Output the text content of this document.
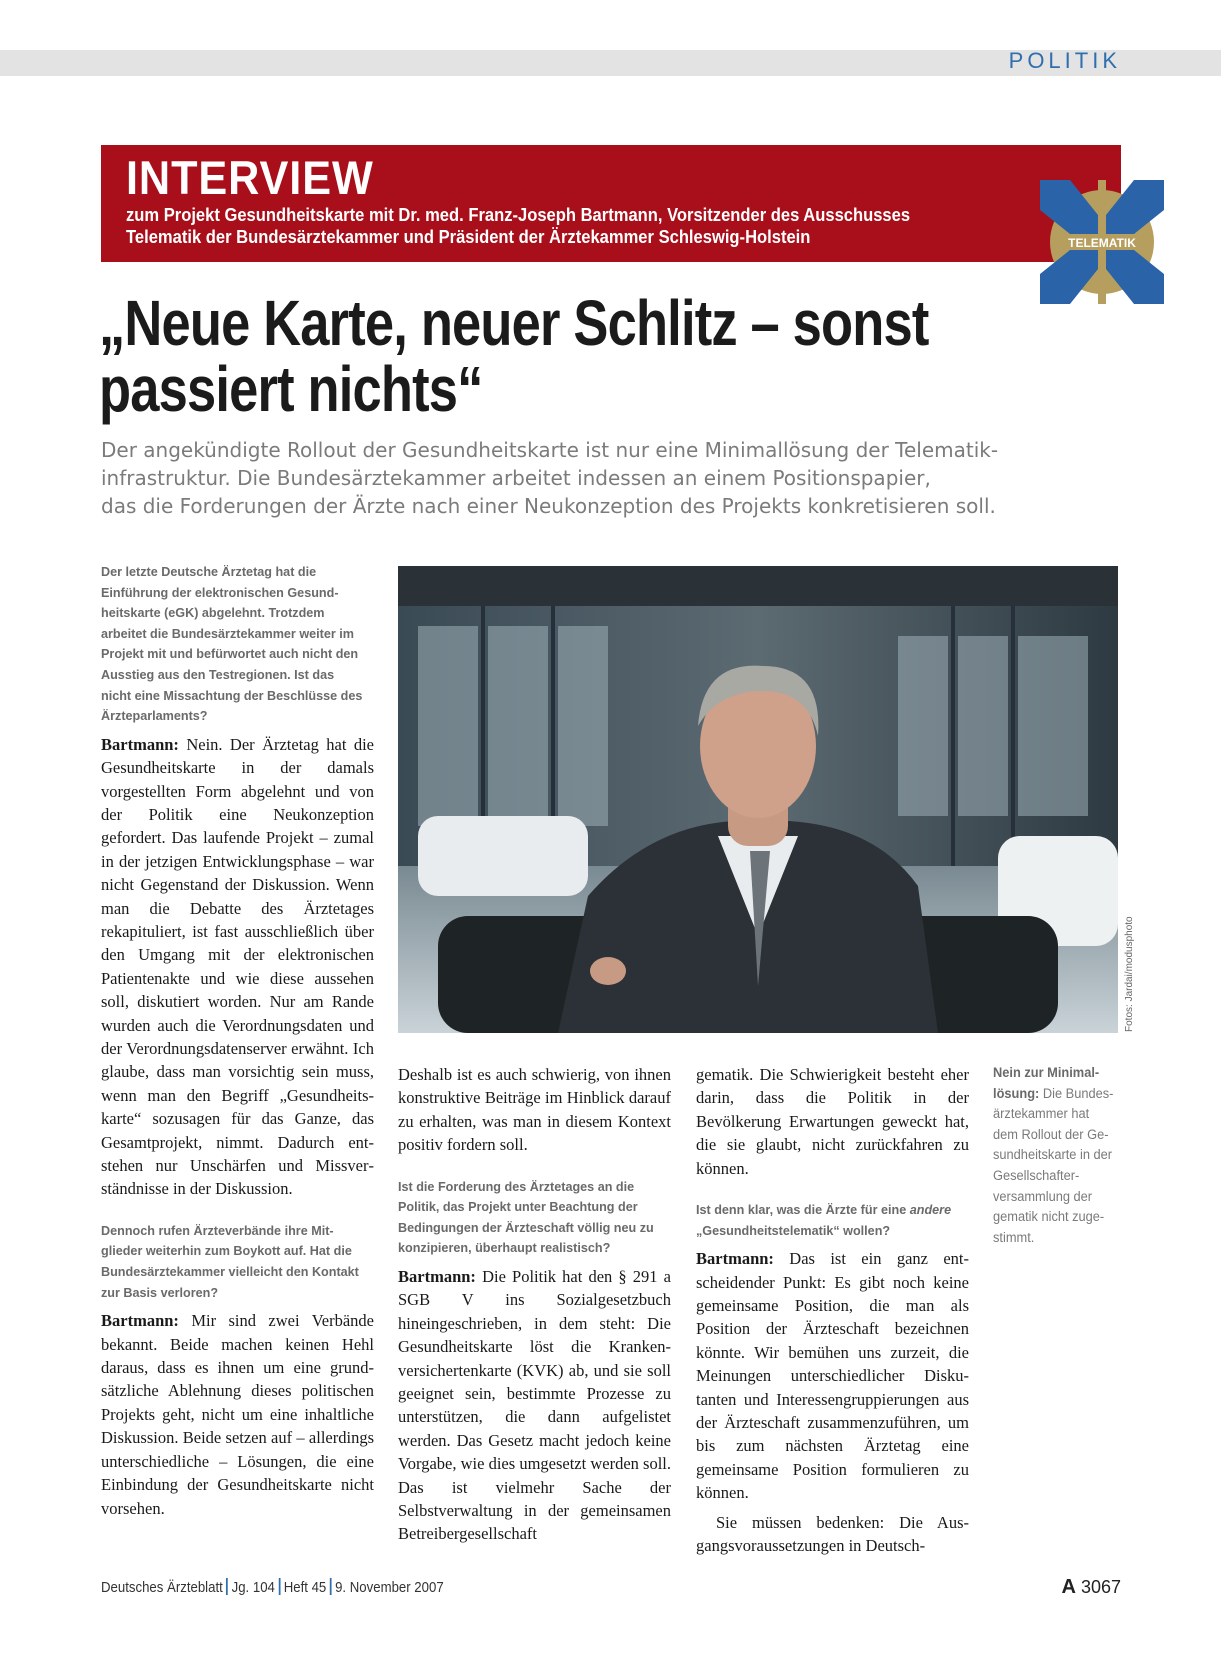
POLITIK
INTERVIEW
zum Projekt Gesundheitskarte mit Dr. med. Franz-Joseph Bartmann, Vorsitzender des Ausschusses
Telematik der Bundesärztekammer und Präsident der Ärztekammer Schleswig-Holstein	TELEMATIK
„Neue Karte, neuer Schlitz – sonst
passiert nichts“
Der angekündigte Rollout der Gesundheitskarte ist nur eine Minimallösung der Telematik-
infrastruktur. Die Bundesärztekammer arbeitet indessen an einem Positionspapier,
das die Forderungen der Ärzte nach einer Neukonzeption des Projekts konkretisieren soll.

Der letzte Deutsche Ärztetag hat die Einführung der elektronischen Gesundheitskarte (eGK) abgelehnt. Trotzdem arbeitet die Bundesärztekammer weiter im Projekt mit und befürwortet auch nicht den Ausstieg aus den Testregionen. Ist das nicht eine Missachtung der Beschlüsse des Ärzteparlaments?

Bartmann: Nein. Der Ärztetag hat die Gesundheitskarte in der damals vorgestellten Form abgelehnt und von der Politik eine Neukonzeption gefordert. Das laufende Projekt – zumal in der jetzigen Entwicklungsphase – war nicht Gegenstand der Diskussion. Wenn man die Debatte des Ärztetages rekapituliert, ist fast ausschließlich über den Umgang mit der elektronischen Patientenakte und wie diese aussehen soll, diskutiert worden. Nur am Rande wurden auch die Verordnungsdaten und der Verordnungsdatenserver erwähnt. Ich glaube, dass man vorsichtig sein muss, wenn man den Begriff „Gesundheitskarte“ sozusagen für das Ganze, das Gesamtprojekt, nimmt. Dadurch entstehen nur Unschärfen und Missverständnisse in der Diskussion.

Dennoch rufen Ärzteverbände ihre Mitglieder weiterhin zum Boykott auf. Hat die Bundesärztekammer vielleicht den Kontakt zur Basis verloren?

Bartmann: Mir sind zwei Verbände bekannt. Beide machen keinen Hehl daraus, dass es ihnen um eine grundsätzliche Ablehnung dieses politischen Projekts geht, nicht um eine inhaltliche Diskussion. Beide setzen auf – allerdings unterschiedliche – Lösungen, die eine Einbindung der Gesundheitskarte nicht vorsehen.

Fotos: Jardai/modusphoto

Deshalb ist es auch schwierig, von ihnen konstruktive Beiträge im Hinblick darauf zu erhalten, was man in diesem Kontext positiv fordern soll.

Ist die Forderung des Ärztetages an die Politik, das Projekt unter Beachtung der Bedingungen der Ärzteschaft völlig neu zu konzipieren, überhaupt realistisch?

Bartmann: Die Politik hat den § 291 a SGB V ins Sozialgesetzbuch hineingeschrieben, in dem steht: Die Gesundheitskarte löst die Krankenversichertenkarte (KVK) ab, und sie soll geeignet sein, bestimmte Prozesse zu unterstützen, die dann aufgelistet werden. Das Gesetz macht jedoch keine Vorgabe, wie dies umgesetzt werden soll. Das ist vielmehr Sache der Selbstverwaltung in der gemeinsamen Betreibergesellschaft

gematik. Die Schwierigkeit besteht eher darin, dass die Politik in der Bevölkerung Erwartungen geweckt hat, die sie glaubt, nicht zurückfahren zu können.

Ist denn klar, was die Ärzte für eine andere „Gesundheitstelematik“ wollen?

Bartmann: Das ist ein ganz entscheidender Punkt: Es gibt noch keine gemeinsame Position, die man als Position der Ärzteschaft bezeichnen könnte. Wir bemühen uns zurzeit, die Meinungen unterschiedlicher Diskutanten und Interessengruppierungen aus der Ärzteschaft zusammenzuführen, um bis zum nächsten Ärztetag eine gemeinsame Position formulieren zu können.

Sie müssen bedenken: Die Ausgangsvoraussetzungen in Deutsch-

Nein zur Minimallösung: Die Bundesärztekammer hat dem Rollout der Gesundheitskarte in der Gesellschafterversammlung der gematik nicht zugestimmt.
Deutsches Ärzteblatt Jg. 104 Heft 45 9. November 2007	A 3067
